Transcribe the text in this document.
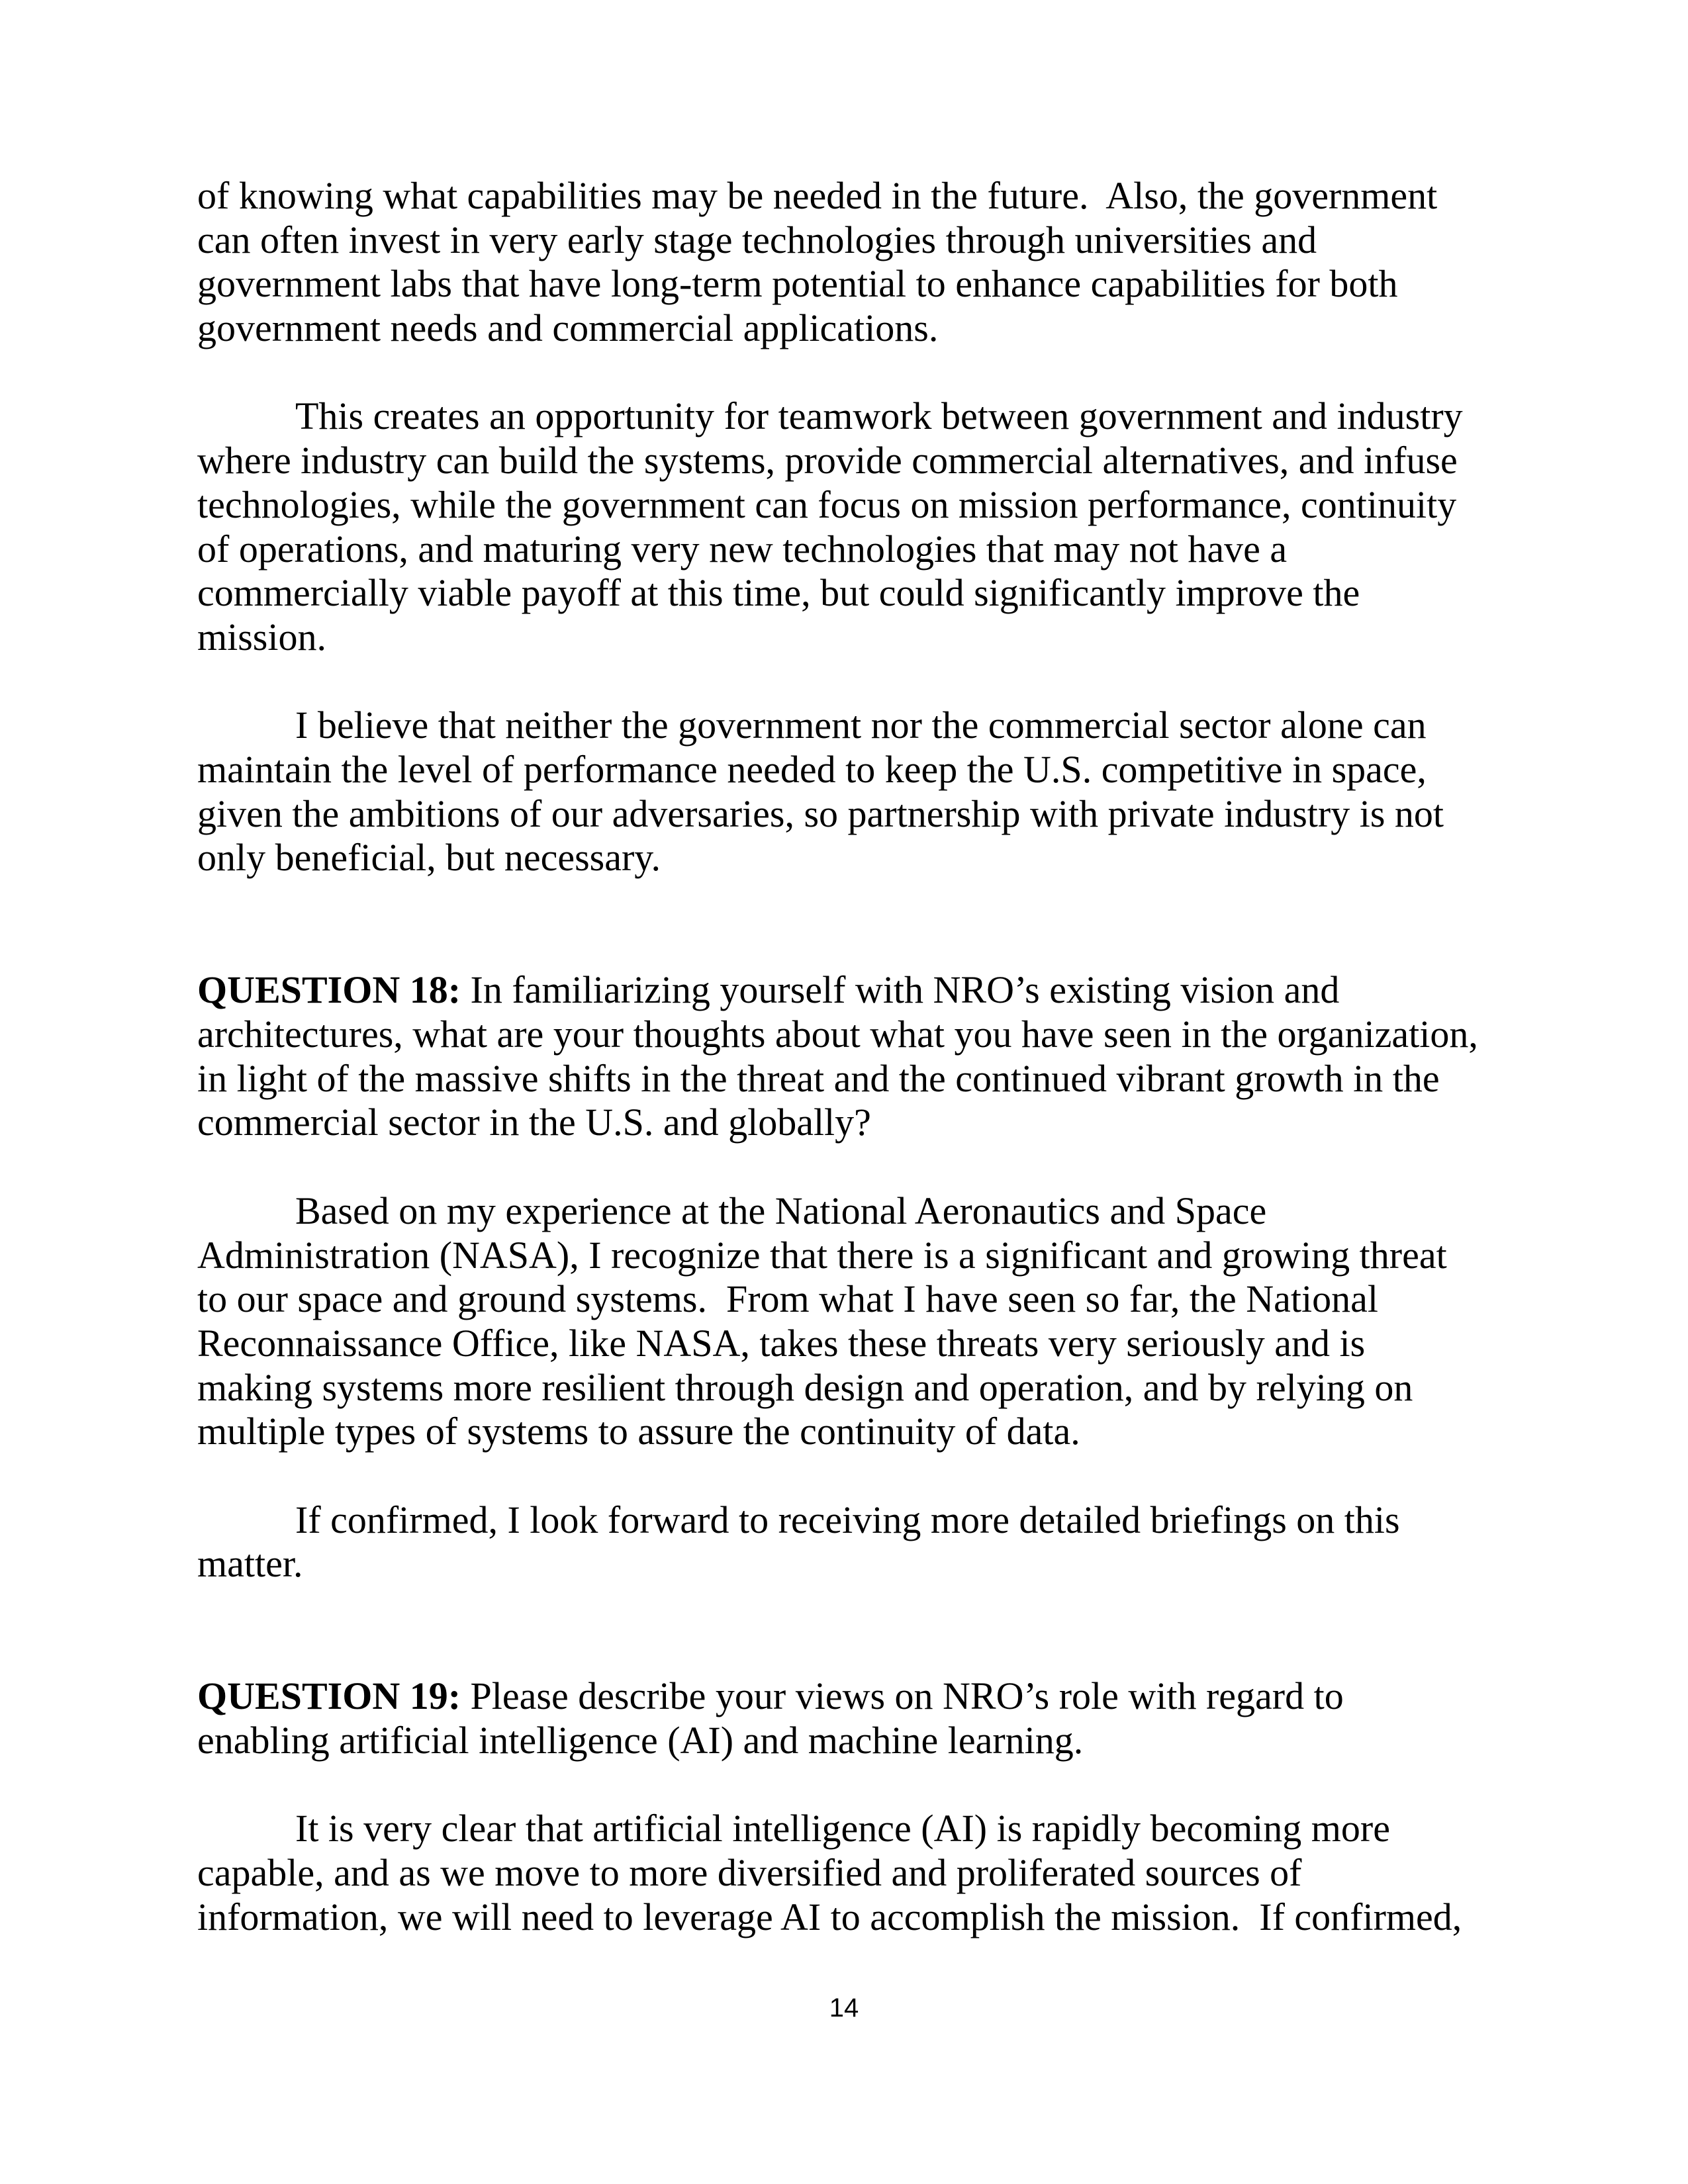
of knowing what capabilities may be needed in the future.  Also, the government
can often invest in very early stage technologies through universities and
government labs that have long-term potential to enhance capabilities for both
government needs and commercial applications.
This creates an opportunity for teamwork between government and industry
where industry can build the systems, provide commercial alternatives, and infuse
technologies, while the government can focus on mission performance, continuity
of operations, and maturing very new technologies that may not have a
commercially viable payoff at this time, but could significantly improve the
mission.
I believe that neither the government nor the commercial sector alone can
maintain the level of performance needed to keep the U.S. competitive in space,
given the ambitions of our adversaries, so partnership with private industry is not
only beneficial, but necessary.
QUESTION 18: In familiarizing yourself with NRO’s existing vision and
architectures, what are your thoughts about what you have seen in the organization,
in light of the massive shifts in the threat and the continued vibrant growth in the
commercial sector in the U.S. and globally?
Based on my experience at the National Aeronautics and Space
Administration (NASA), I recognize that there is a significant and growing threat
to our space and ground systems.  From what I have seen so far, the National
Reconnaissance Office, like NASA, takes these threats very seriously and is
making systems more resilient through design and operation, and by relying on
multiple types of systems to assure the continuity of data.
If confirmed, I look forward to receiving more detailed briefings on this
matter.
QUESTION 19: Please describe your views on NRO’s role with regard to
enabling artificial intelligence (AI) and machine learning.
It is very clear that artificial intelligence (AI) is rapidly becoming more
capable, and as we move to more diversified and proliferated sources of
information, we will need to leverage AI to accomplish the mission.  If confirmed,
14
